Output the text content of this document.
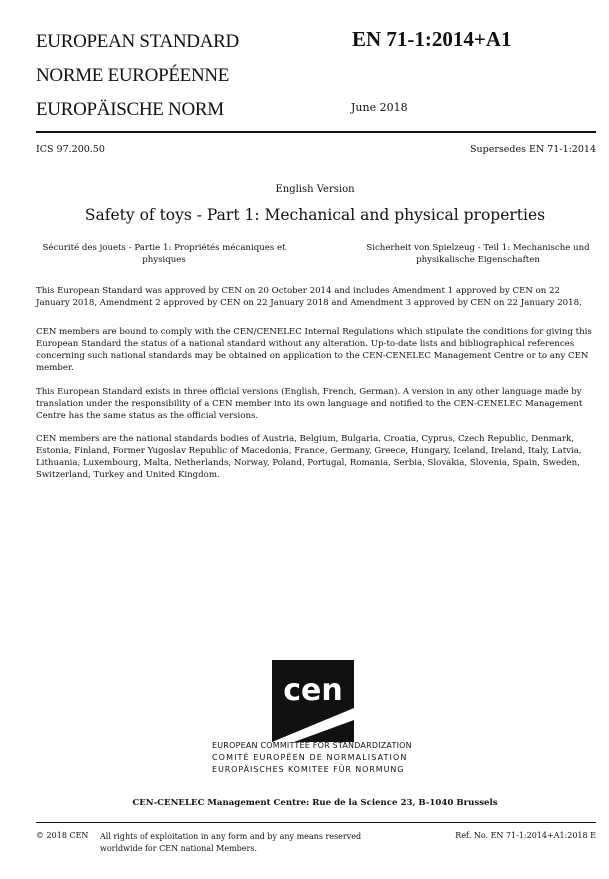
EUROPEAN STANDARD
NORME EUROPÉENNE
EUROPÄISCHE NORM
EN 71-1:2014+A1
June 2018
ICS 97.200.50	Supersedes EN 71-1:2014
English Version
Safety of toys - Part 1: Mechanical and physical properties
Sécurité des jouets - Partie 1: Propriétés mécaniques et physiques
Sicherheit von Spielzeug - Teil 1: Mechanische und physikalische Eigenschaften
This European Standard was approved by CEN on 20 October 2014 and includes Amendment 1 approved by CEN on 22 January 2018, Amendment 2 approved by CEN on 22 January 2018 and Amendment 3 approved by CEN on 22 January 2018.
CEN members are bound to comply with the CEN/CENELEC Internal Regulations which stipulate the conditions for giving this European Standard the status of a national standard without any alteration. Up-to-date lists and bibliographical references concerning such national standards may be obtained on application to the CEN-CENELEC Management Centre or to any CEN member.
This European Standard exists in three official versions (English, French, German). A version in any other language made by translation under the responsibility of a CEN member into its own language and notified to the CEN-CENELEC Management Centre has the same status as the official versions.
CEN members are the national standards bodies of Austria, Belgium, Bulgaria, Croatia, Cyprus, Czech Republic, Denmark, Estonia, Finland, Former Yugoslav Republic of Macedonia, France, Germany, Greece, Hungary, Iceland, Ireland, Italy, Latvia, Lithuania, Luxembourg, Malta, Netherlands, Norway, Poland, Portugal, Romania, Serbia, Slovakia, Slovenia, Spain, Sweden, Switzerland, Turkey and United Kingdom.
cen
EUROPEAN COMMITTEE FOR STANDARDIZATION
COMITÉ EUROPÉEN DE NORMALISATION
EUROPÄISCHES KOMITEE FÜR NORMUNG
CEN-CENELEC Management Centre: Rue de la Science 23, B-1040 Brussels
© 2018 CEN All rights of exploitation in any form and by any means reserved worldwide for CEN national Members.
Ref. No. EN 71-1:2014+A1:2018 E
